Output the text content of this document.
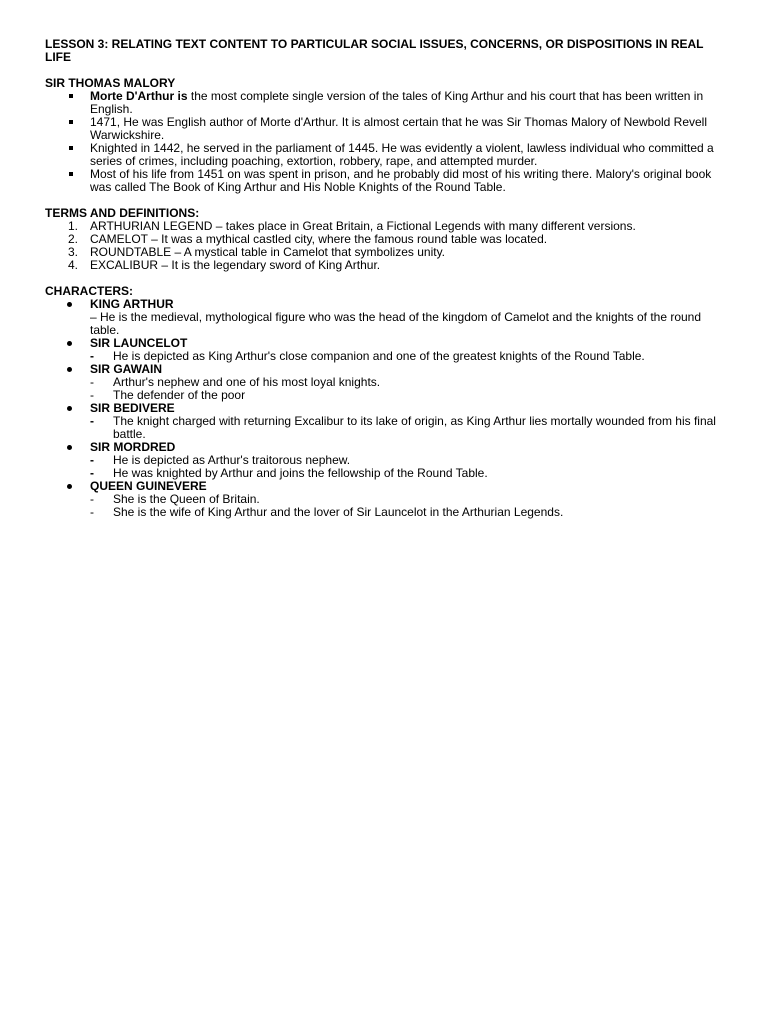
LESSON 3: RELATING TEXT CONTENT TO PARTICULAR SOCIAL ISSUES, CONCERNS, OR DISPOSITIONS IN REAL LIFE

SIR THOMAS MALORY

Morte D'Arthur is the most complete single version of the tales of King Arthur and his court that has been written in English.
1471, He was English author of Morte d'Arthur. It is almost certain that he was Sir Thomas Malory of Newbold Revell Warwickshire.
Knighted in 1442, he served in the parliament of 1445. He was evidently a violent, lawless individual who committed a series of crimes, including poaching, extortion, robbery, rape, and attempted murder.
Most of his life from 1451 on was spent in prison, and he probably did most of his writing there. Malory's original book was called The Book of King Arthur and His Noble Knights of the Round Table.

TERMS AND DEFINITIONS:

1. ARTHURIAN LEGEND – takes place in Great Britain, a Fictional Legends with many different versions.
2. CAMELOT – It was a mythical castled city, where the famous round table was located.
3. ROUNDTABLE – A mystical table in Camelot that symbolizes unity.
4. EXCALIBUR – It is the legendary sword of King Arthur.

CHARACTERS:

KING ARTHUR
– He is the medieval, mythological figure who was the head of the kingdom of Camelot and the knights of the round table.
SIR LAUNCELOT
- He is depicted as King Arthur's close companion and one of the greatest knights of the Round Table.
SIR GAWAIN
- Arthur's nephew and one of his most loyal knights.
- The defender of the poor
SIR BEDIVERE
- The knight charged with returning Excalibur to its lake of origin, as King Arthur lies mortally wounded from his final battle.
SIR MORDRED
- He is depicted as Arthur's traitorous nephew.
- He was knighted by Arthur and joins the fellowship of the Round Table.
QUEEN GUINEVERE
- She is the Queen of Britain.
- She is the wife of King Arthur and the lover of Sir Launcelot in the Arthurian Legends.
